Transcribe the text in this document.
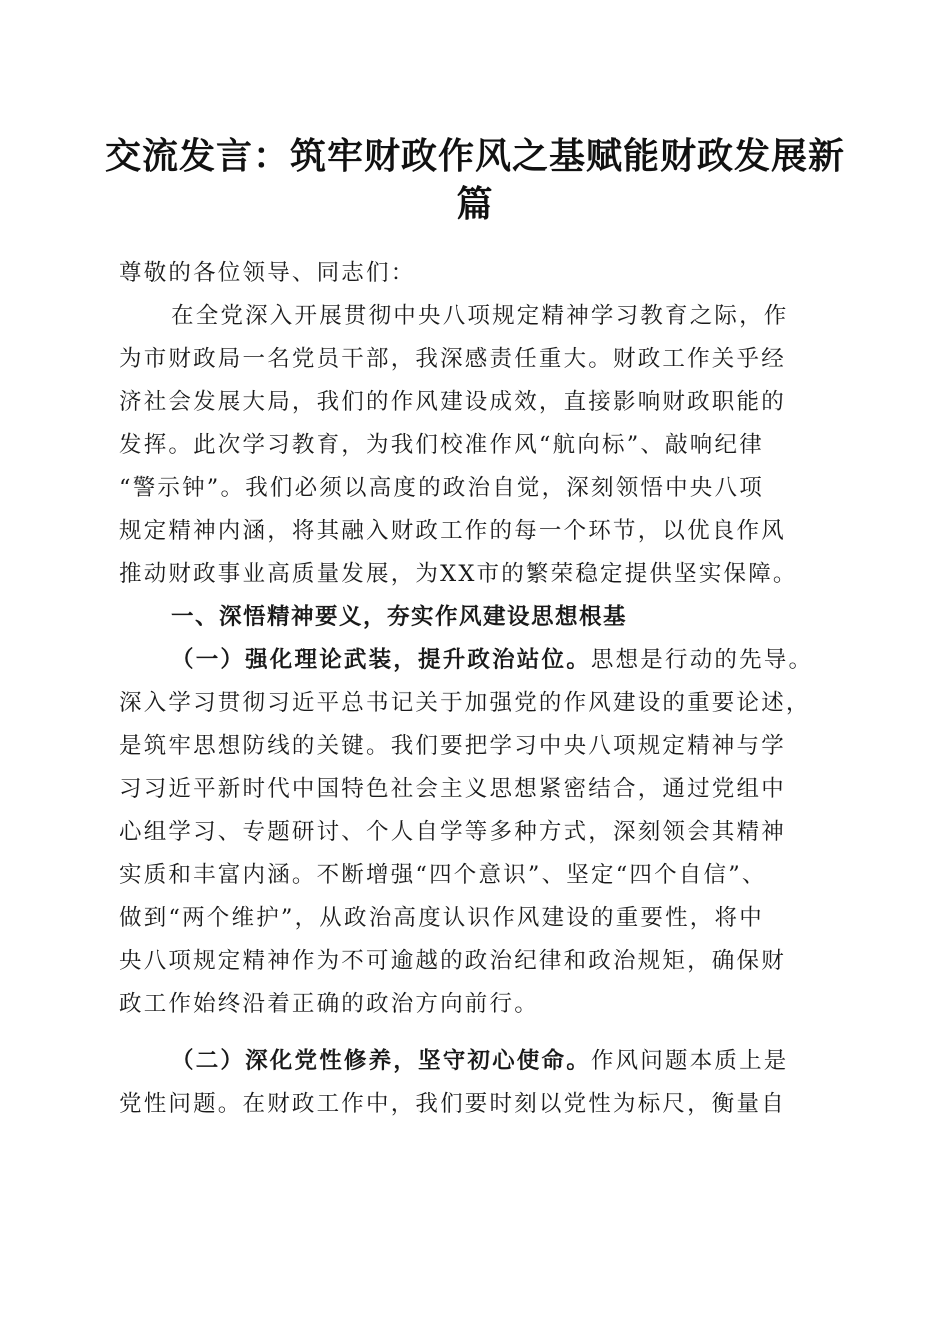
交流发言：筑牢财政作风之基赋能财政发展新
篇
尊敬的各位领导、同志们：
在全党深入开展贯彻中央八项规定精神学习教育之际，作
为市财政局一名党员干部，我深感责任重大。财政工作关乎经
济社会发展大局，我们的作风建设成效，直接影响财政职能的
发挥。此次学习教育，为我们校准作风“航向标”、敲响纪律
“警示钟”。我们必须以高度的政治自觉，深刻领悟中央八项
规定精神内涵，将其融入财政工作的每一个环节，以优良作风
推动财政事业高质量发展，为XX市的繁荣稳定提供坚实保障。
一、深悟精神要义，夯实作风建设思想根基
（一）强化理论武装，提升政治站位。思想是行动的先导。
深入学习贯彻习近平总书记关于加强党的作风建设的重要论述，
是筑牢思想防线的关键。我们要把学习中央八项规定精神与学
习习近平新时代中国特色社会主义思想紧密结合，通过党组中
心组学习、专题研讨、个人自学等多种方式，深刻领会其精神
实质和丰富内涵。不断增强“四个意识”、坚定“四个自信”、
做到“两个维护”，从政治高度认识作风建设的重要性，将中
央八项规定精神作为不可逾越的政治纪律和政治规矩，确保财
政工作始终沿着正确的政治方向前行。
（二）深化党性修养，坚守初心使命。作风问题本质上是
党性问题。在财政工作中，我们要时刻以党性为标尺，衡量自
